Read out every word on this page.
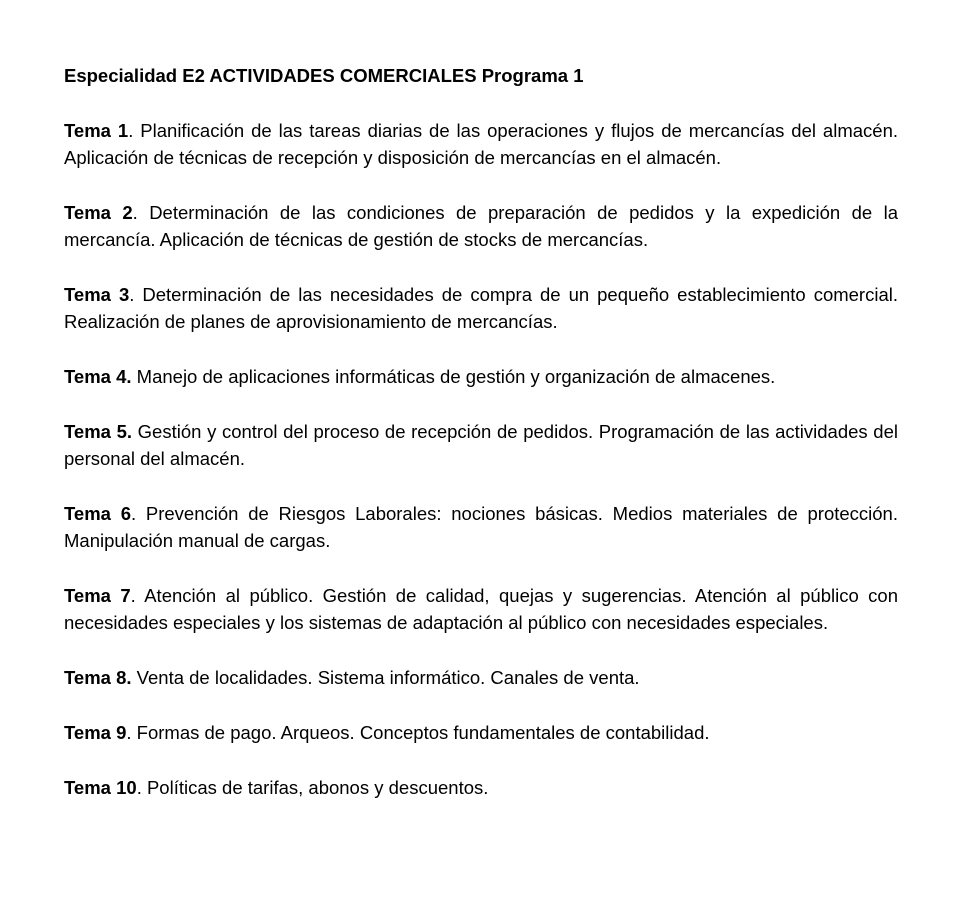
Especialidad E2 ACTIVIDADES COMERCIALES Programa 1

Tema 1. Planificación de las tareas diarias de las operaciones y flujos de mercancías del almacén. Aplicación de técnicas de recepción y disposición de mercancías en el almacén.

Tema 2. Determinación de las condiciones de preparación de pedidos y la expedición de la mercancía. Aplicación de técnicas de gestión de stocks de mercancías.

Tema 3. Determinación de las necesidades de compra de un pequeño establecimiento comercial. Realización de planes de aprovisionamiento de mercancías.

Tema 4. Manejo de aplicaciones informáticas de gestión y organización de almacenes.

Tema 5. Gestión y control del proceso de recepción de pedidos. Programación de las actividades del personal del almacén.

Tema 6. Prevención de Riesgos Laborales: nociones básicas. Medios materiales de protección. Manipulación manual de cargas.

Tema 7. Atención al público. Gestión de calidad, quejas y sugerencias. Atención al público con necesidades especiales y los sistemas de adaptación al público con necesidades especiales.

Tema 8. Venta de localidades. Sistema informático. Canales de venta.

Tema 9. Formas de pago. Arqueos. Conceptos fundamentales de contabilidad.

Tema 10. Políticas de tarifas, abonos y descuentos.
